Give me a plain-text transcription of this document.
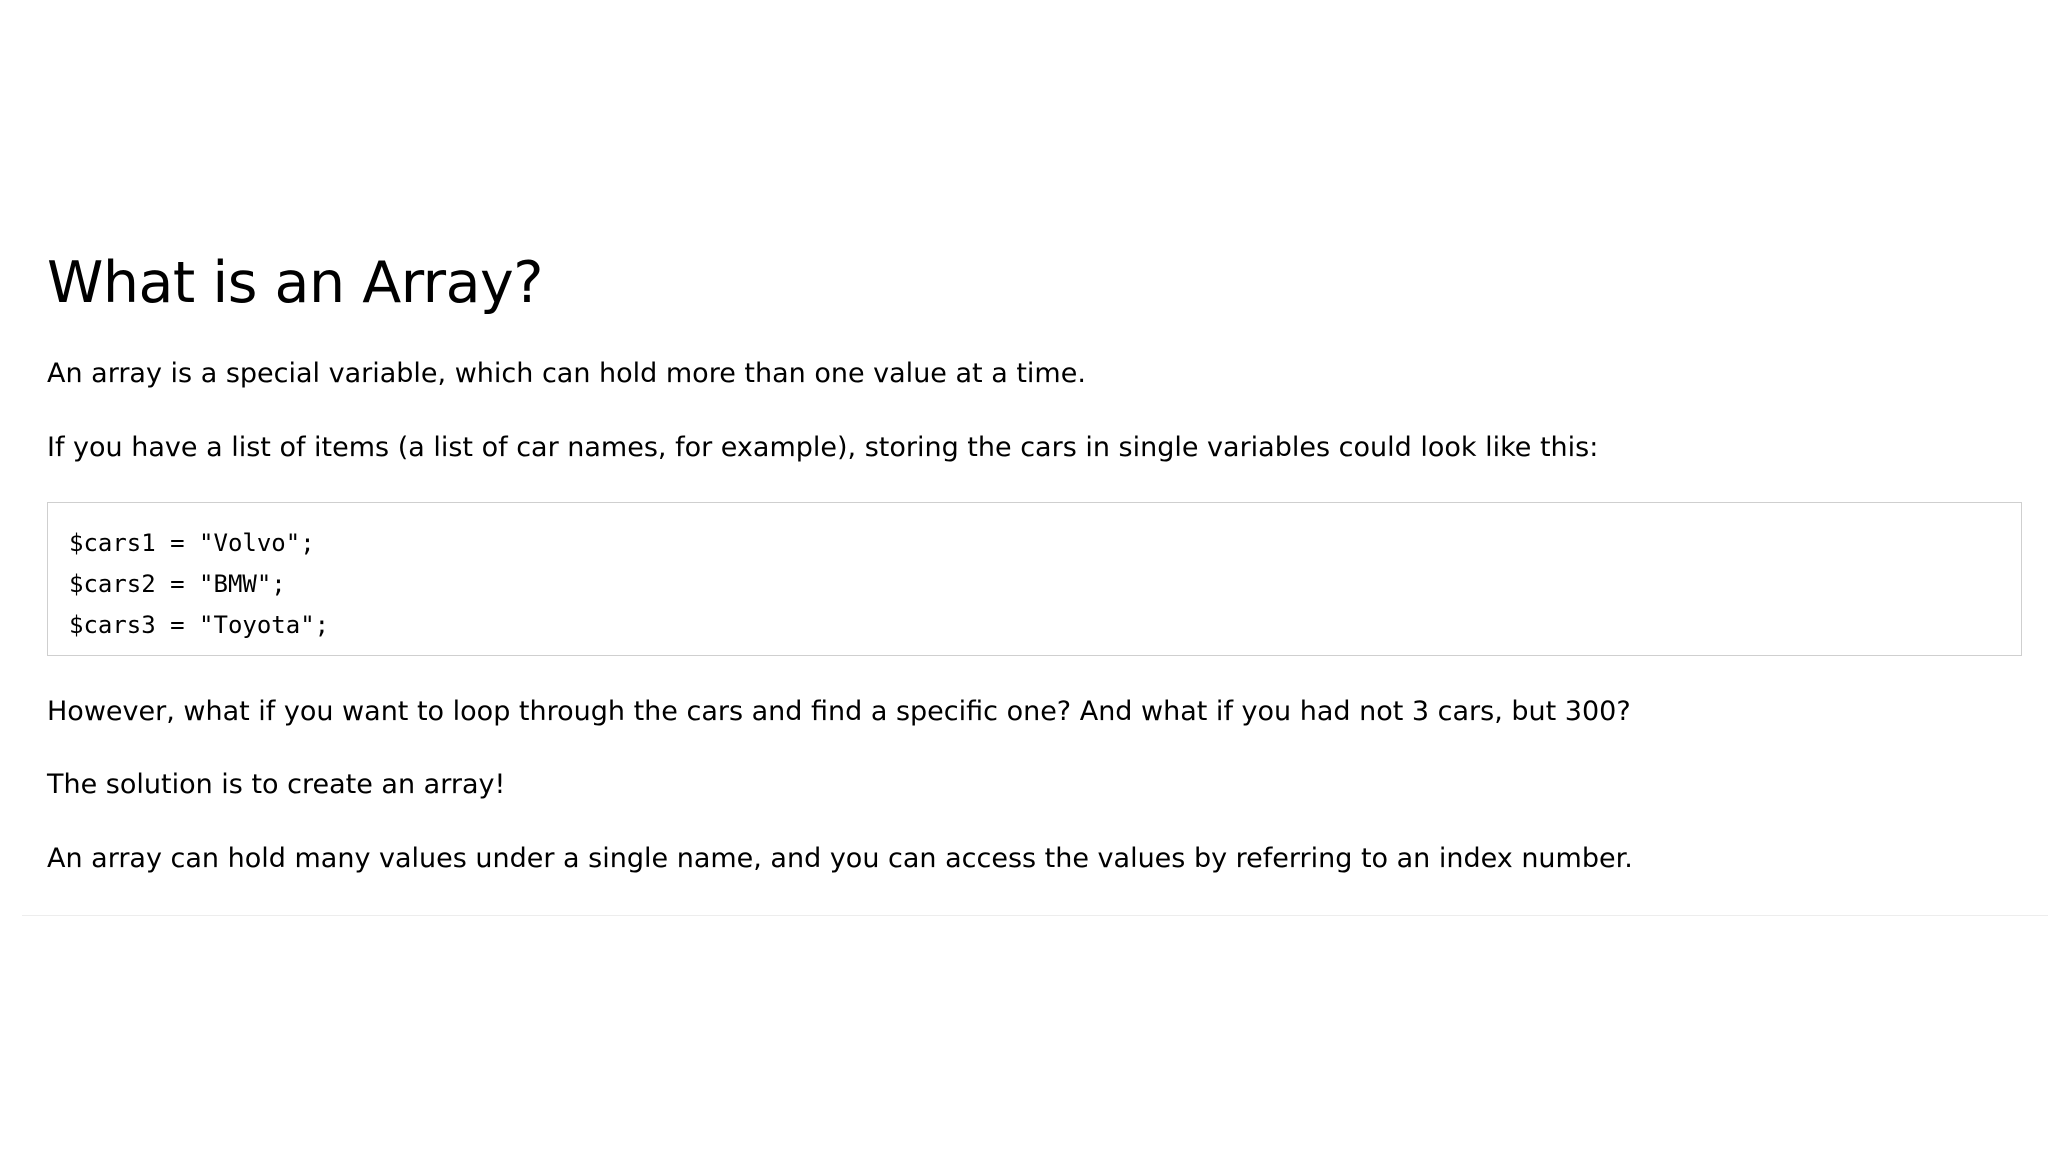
What is an Array?

An array is a special variable, which can hold more than one value at a time.

If you have a list of items (a list of car names, for example), storing the cars in single variables could look like this:

$cars1 = "Volvo";
$cars2 = "BMW";
$cars3 = "Toyota";

However, what if you want to loop through the cars and find a specific one? And what if you had not 3 cars, but 300?

The solution is to create an array!

An array can hold many values under a single name, and you can access the values by referring to an index number.
